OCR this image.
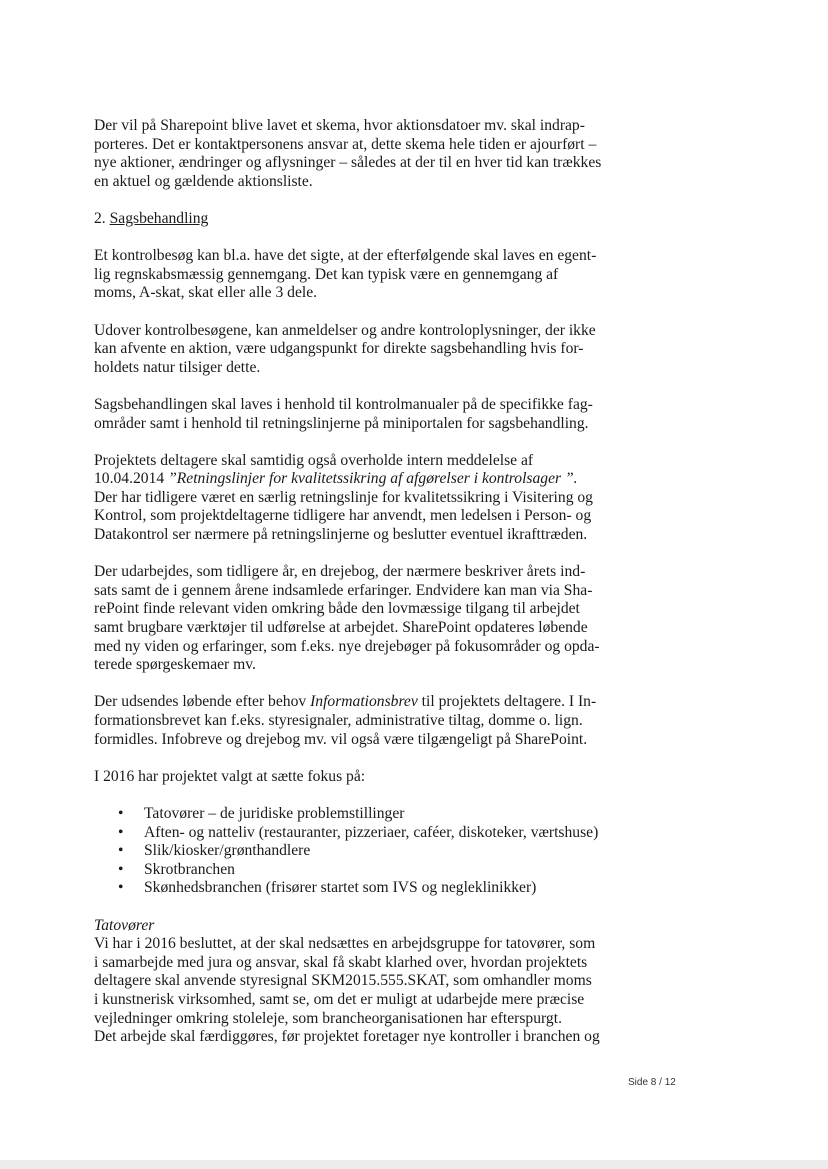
Der vil på Sharepoint blive lavet et skema, hvor aktionsdatoer mv. skal indrap-
porteres. Det er kontaktpersonens ansvar at, dette skema hele tiden er ajourført –
nye aktioner, ændringer og aflysninger – således at der til en hver tid kan trækkes
en aktuel og gældende aktionsliste.

2. Sagsbehandling

Et kontrolbesøg kan bl.a. have det sigte, at der efterfølgende skal laves en egent-
lig regnskabsmæssig gennemgang. Det kan typisk være en gennemgang af
moms, A-skat, skat eller alle 3 dele.

Udover kontrolbesøgene, kan anmeldelser og andre kontroloplysninger, der ikke
kan afvente en aktion, være udgangspunkt for direkte sagsbehandling hvis for-
holdets natur tilsiger dette.

Sagsbehandlingen skal laves i henhold til kontrolmanualer på de specifikke fag-
områder samt i henhold til retningslinjerne på miniportalen for sagsbehandling.

Projektets deltagere skal samtidig også overholde intern meddelelse af
10.04.2014 ”Retningslinjer for kvalitetssikring af afgørelser i kontrolsager ”.
Der har tidligere været en særlig retningslinje for kvalitetssikring i Visitering og
Kontrol, som projektdeltagerne tidligere har anvendt, men ledelsen i Person- og
Datakontrol ser nærmere på retningslinjerne og beslutter eventuel ikrafttræden.

Der udarbejdes, som tidligere år, en drejebog, der nærmere beskriver årets ind-
sats samt de i gennem årene indsamlede erfaringer. Endvidere kan man via Sha-
rePoint finde relevant viden omkring både den lovmæssige tilgang til arbejdet
samt brugbare værktøjer til udførelse at arbejdet. SharePoint opdateres løbende
med ny viden og erfaringer, som f.eks. nye drejebøger på fokusområder og opda-
terede spørgeskemaer mv.

Der udsendes løbende efter behov Informationsbrev til projektets deltagere. I In-
formationsbrevet kan f.eks. styresignaler, administrative tiltag, domme o. lign.
formidles. Infobreve og drejebog mv. vil også være tilgængeligt på SharePoint.

I 2016 har projektet valgt at sætte fokus på:

• Tatovører – de juridiske problemstillinger
• Aften- og natteliv (restauranter, pizzeriaer, caféer, diskoteker, værtshuse)
• Slik/kiosker/grønthandlere
• Skrotbranchen
• Skønhedsbranchen (frisører startet som IVS og negleklinikker)

Tatovører

Vi har i 2016 besluttet, at der skal nedsættes en arbejdsgruppe for tatovører, som
i samarbejde med jura og ansvar, skal få skabt klarhed over, hvordan projektets
deltagere skal anvende styresignal SKM2015.555.SKAT, som omhandler moms
i kunstnerisk virksomhed, samt se, om det er muligt at udarbejde mere præcise
vejledninger omkring stoleleje, som brancheorganisationen har efterspurgt.
Det arbejde skal færdiggøres, før projektet foretager nye kontroller i branchen og

Side 8 / 12
